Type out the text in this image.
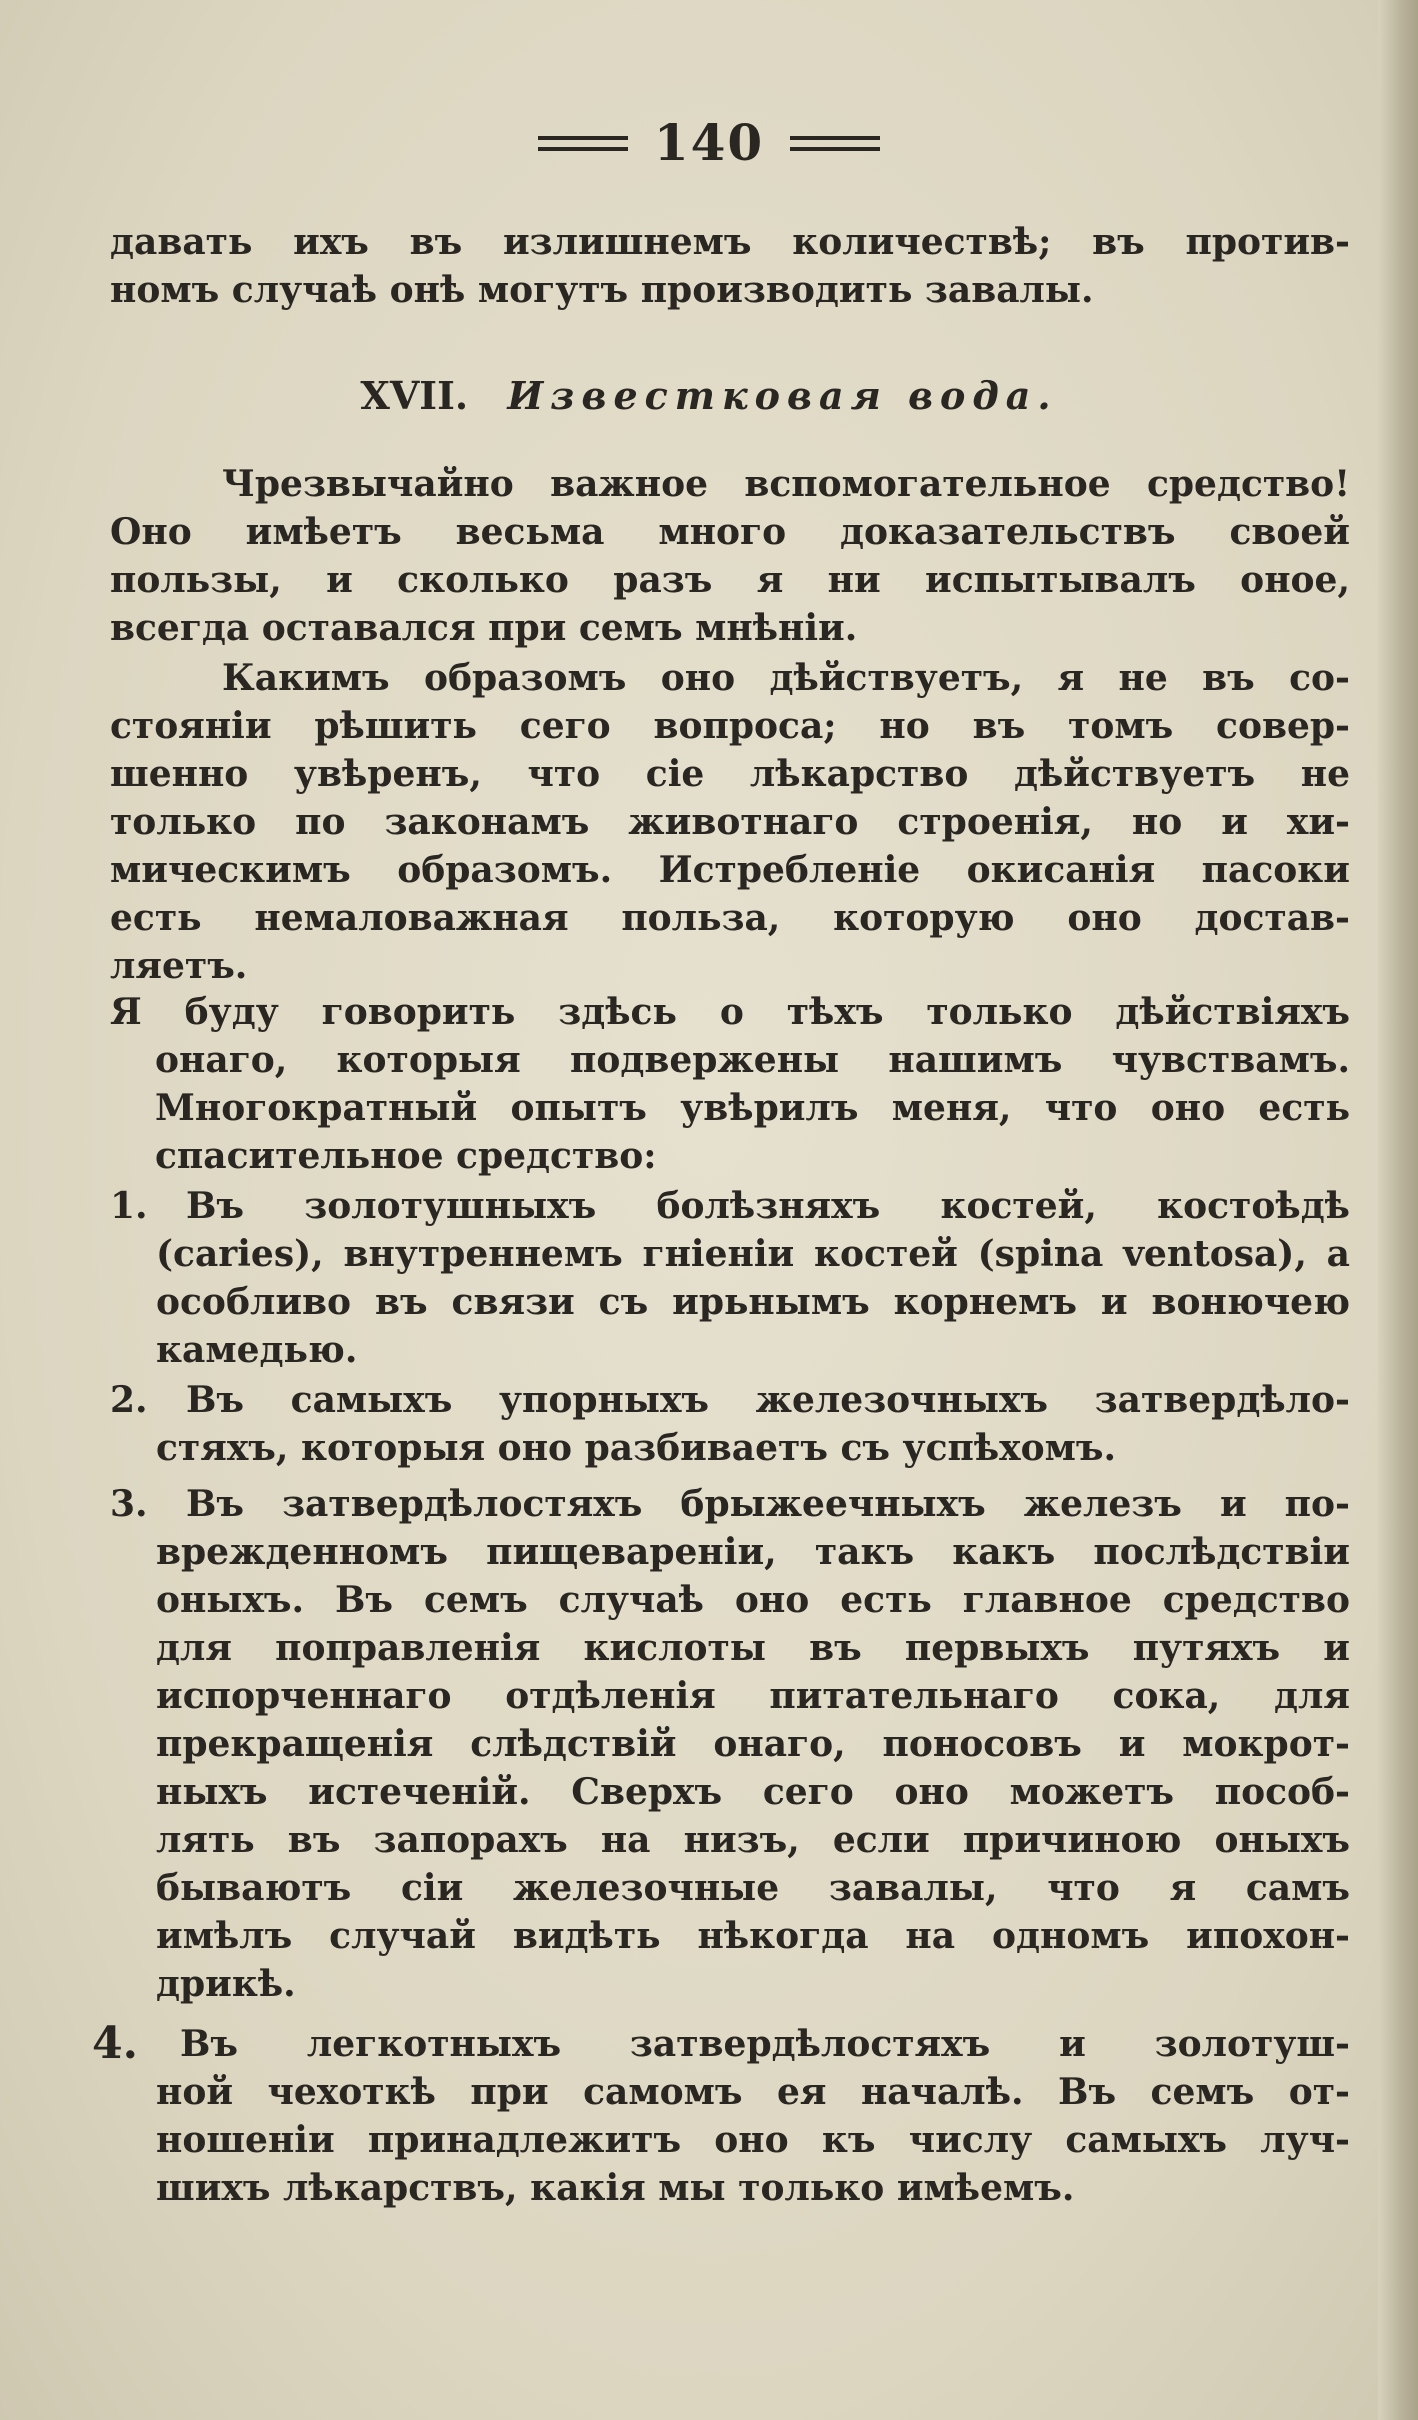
140
давать ихъ въ излишнемъ количествѣ; въ против-
номъ случаѣ онѣ могутъ производить завалы.
XVII. Известковая вода.
Чрезвычайно важное вспомогательное средство!
Оно имѣетъ весьма много доказательствъ своей
пользы, и сколько разъ я ни испытывалъ оное,
всегда оставался при семъ мнѣніи.
Какимъ образомъ оно дѣйствуетъ, я не въ со-
стояніи рѣшить сего вопроса; но въ томъ совер-
шенно увѣренъ, что сіе лѣкарство дѣйствуетъ не
только по законамъ животнаго строенія, но и хи-
мическимъ образомъ. Истребленіе окисанія пасоки
есть немаловажная польза, которую оно достав-
ляетъ.
Я буду говорить здѣсь о тѣхъ только дѣйствіяхъ
онаго, которыя подвержены нашимъ чувствамъ.
Многократный опытъ увѣрилъ меня, что оно есть
спасительное средство:
1. Въ золотушныхъ болѣзняхъ костей, костоѣдѣ
(caries), внутреннемъ гніеніи костей (spina ventosa), а
особливо въ связи съ ирьнымъ корнемъ и вонючею
камедью.
2. Въ самыхъ упорныхъ железочныхъ затвердѣло-
стяхъ, которыя оно разбиваетъ съ успѣхомъ.
3. Въ затвердѣлостяхъ брыжеечныхъ железъ и по-
врежденномъ пищевареніи, такъ какъ послѣдствіи
оныхъ. Въ семъ случаѣ оно есть главное средство
для поправленія кислоты въ первыхъ путяхъ и
испорченнаго отдѣленія питательнаго сока, для
прекращенія слѣдствій онаго, поносовъ и мокрот-
ныхъ истеченій. Сверхъ сего оно можетъ пособ-
лять въ запорахъ на низъ, если причиною оныхъ
бываютъ сіи железочные завалы, что я самъ
имѣлъ случай видѣть нѣкогда на одномъ ипохон-
дрикѣ.
4. Въ легкотныхъ затвердѣлостяхъ и золотуш-
ной чехоткѣ при самомъ ея началѣ. Въ семъ от-
ношеніи принадлежитъ оно къ числу самыхъ луч-
шихъ лѣкарствъ, какія мы только имѣемъ.
